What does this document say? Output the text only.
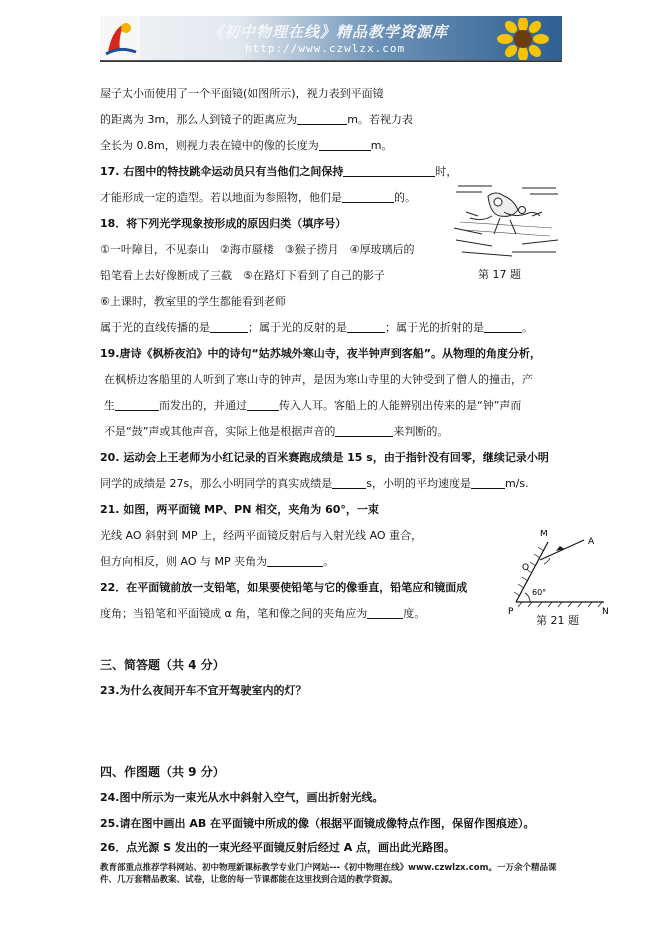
《初中物理在线》精品教学资源库
http://www.czwlzx.com
屋子太小而使用了一个平面镜(如图所示)，视力表到平面镜
的距离为 3m，那么人到镜子的距离应为	m。若视力表
全长为 0.8m，则视力表在镜中的像的长度为	m。
17. 右图中的特技跳伞运动员只有当他们之间保持	时，
才能形成一定的造型。若以地面为参照物，他们是	的。
18．将下列光学现象按形成的原因归类（填序号）
①一叶障目，不见泰山　②海市蜃楼　③猴子捞月　④厚玻璃后的
铅笔看上去好像断成了三截　⑤在路灯下看到了自己的影子
⑥上课时，教室里的学生都能看到老师
属于光的直线传播的是	；属于光的反射的是	；属于光的折射的是	。
19.唐诗《枫桥夜泊》中的诗句“姑苏城外寒山寺，夜半钟声到客船”。从物理的角度分析，
在枫桥边客船里的人听到了寒山寺的钟声，是因为寒山寺里的大钟受到了僧人的撞击，产
生	而发出的，并通过	传入人耳。客船上的人能辨别出传来的是“钟”声而
不是“鼓”声或其他声音，实际上他是根据声音的	来判断的。
20. 运动会上王老师为小红记录的百米赛跑成绩是 15 s，由于指针没有回零，继续记录小明
同学的成绩是 27s，那么小明同学的真实成绩是	s，小明的平均速度是	m/s.
21. 如图，两平面镜 MP、PN 相交，夹角为 60°，一束
光线 AO 斜射到 MP 上，经两平面镜反射后与入射光线 AO 重合，
但方向相反，则 AO 与 MP 夹角为	。
22．在平面镜前放一支铅笔，如果要使铅笔与它的像垂直，铅笔应和镜面成
度角；当铅笔和平面镜成 α 角，笔和像之间的夹角应为	度。
三、简答题（共 4 分）
23.为什么夜间开车不宜开驾驶室内的灯？
四、作图题（共 9 分）
24.图中所示为一束光从水中斜射入空气，画出折射光线。
25.请在图中画出 AB 在平面镜中所成的像（根据平面镜成像特点作图，保留作图痕迹）。
26．点光源 S 发出的一束光经平面镜反射后经过 A 点，画出此光路图。
第 17 题
M
A
O
P	N
60°
第 21 题
教育部重点推荐学科网站、初中物理新课标教学专业门户网站---《初中物理在线》www.czwlzx.com。一万余个精品课件、几万套精品教案、试卷，让您的每一节课都能在这里找到合适的教学资源。
